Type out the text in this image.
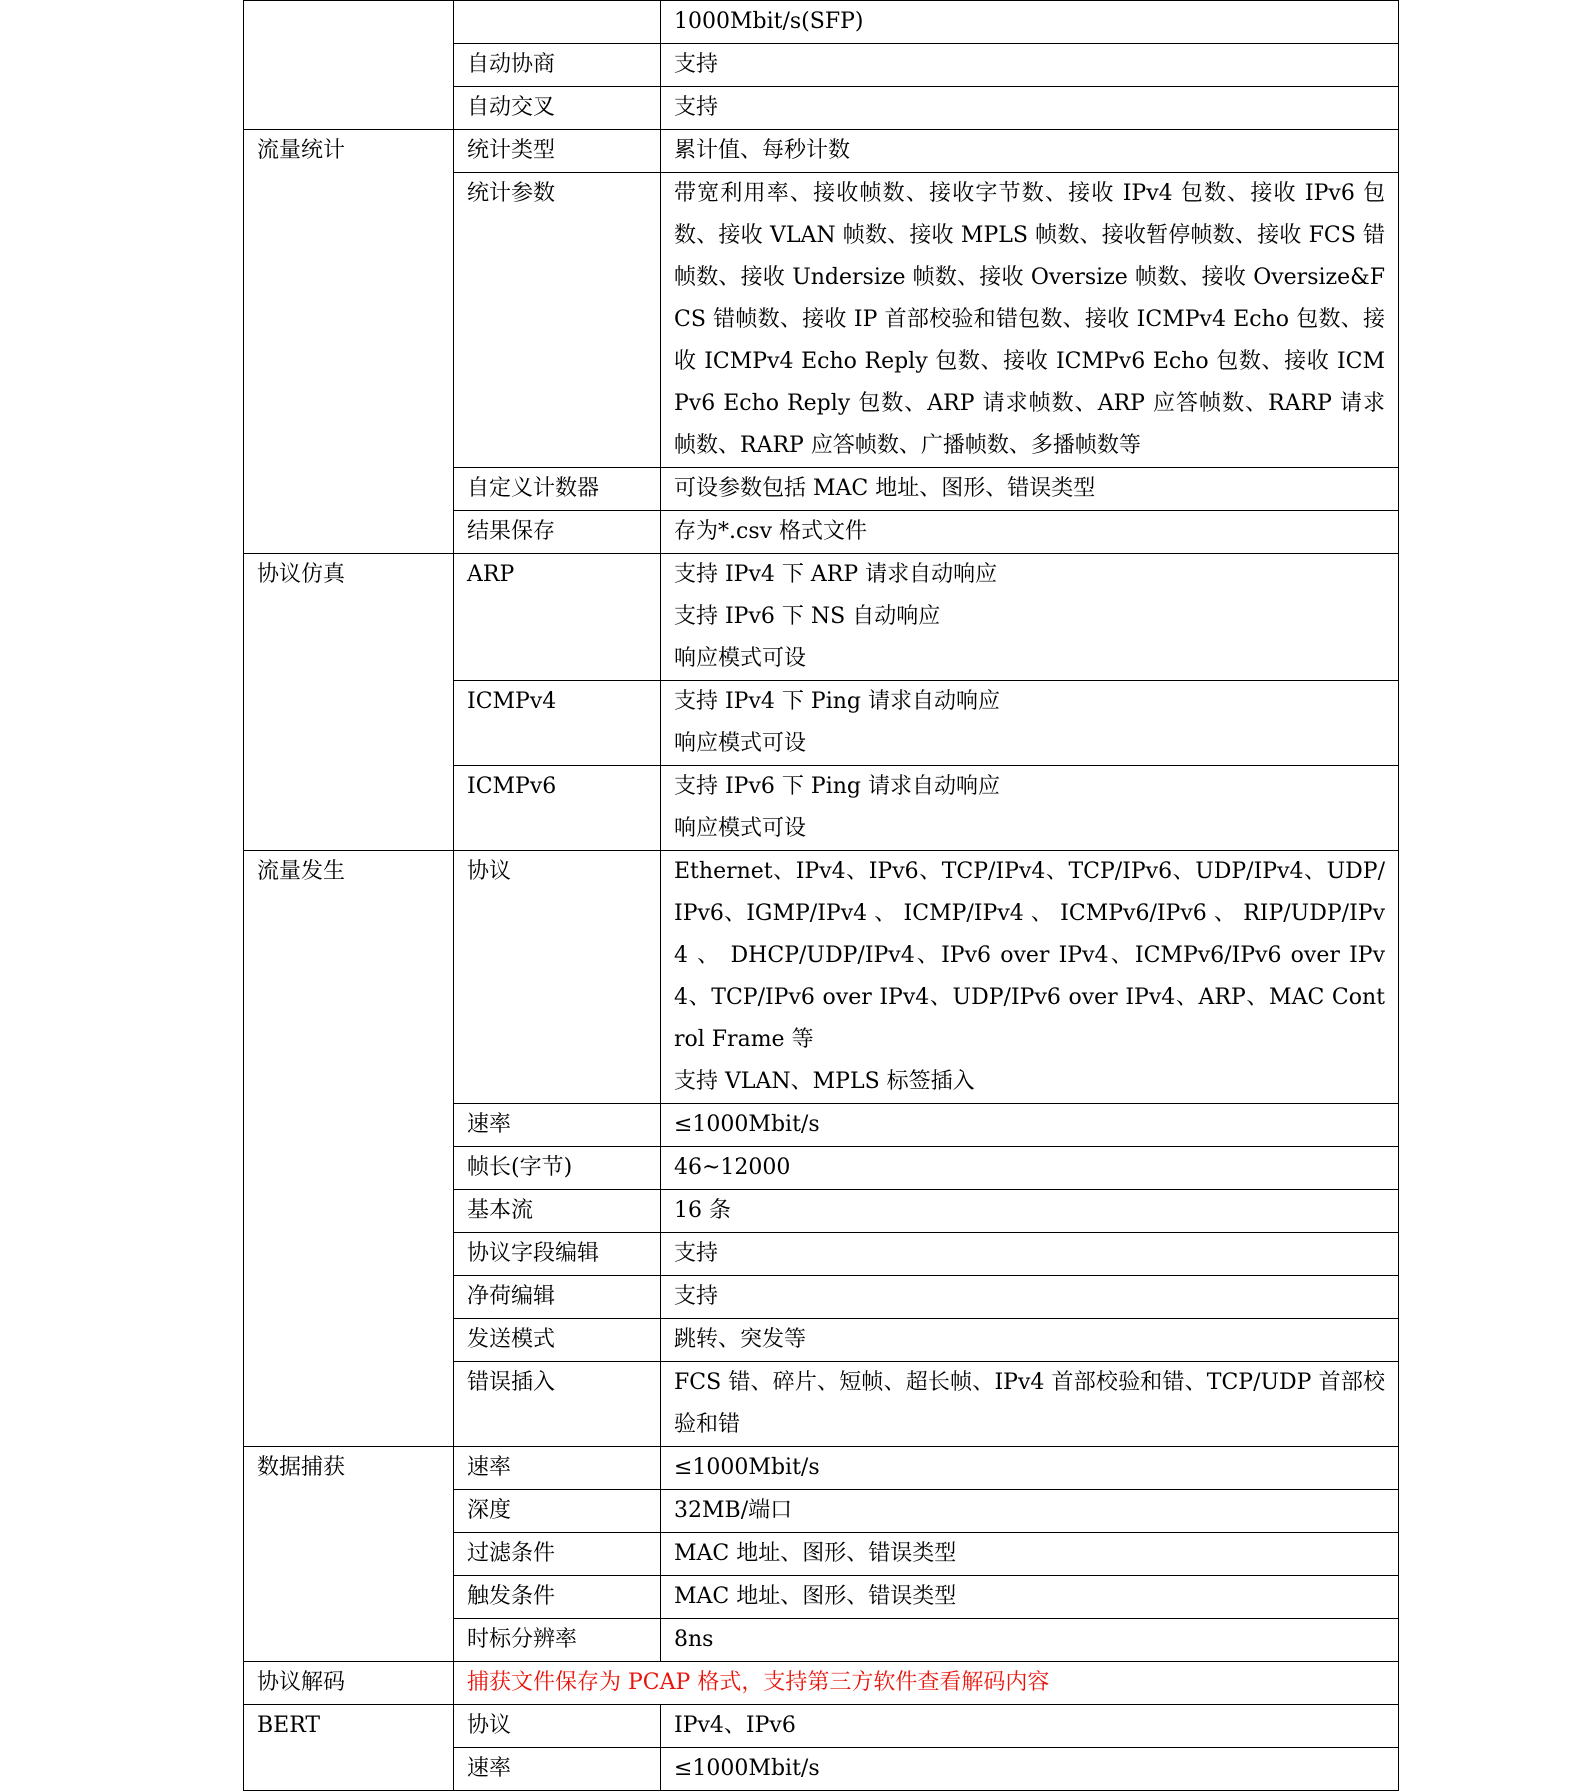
		1000Mbit/s(SFP)
	自动协商	支持
	自动交叉	支持
流量统计	统计类型	累计值、每秒计数
	统计参数	带宽利用率、接收帧数、接收字节数、接收 IPv4 包数、接收 IPv6 包数、接收 VLAN 帧数、接收 MPLS 帧数、接收暂停帧数、接收 FCS 错帧数、接收 Undersize 帧数、接收 Oversize 帧数、接收 Oversize&FCS 错帧数、接收 IP 首部校验和错包数、接收 ICMPv4 Echo 包数、接收 ICMPv4 Echo Reply 包数、接收 ICMPv6 Echo 包数、接收 ICMPv6 Echo Reply 包数、ARP 请求帧数、ARP 应答帧数、RARP 请求帧数、RARP 应答帧数、广播帧数、多播帧数等
	自定义计数器	可设参数包括 MAC 地址、图形、错误类型
	结果保存	存为*.csv 格式文件
协议仿真	ARP	支持 IPv4 下 ARP 请求自动响应
支持 IPv6 下 NS 自动响应
响应模式可设
	ICMPv4	支持 IPv4 下 Ping 请求自动响应
响应模式可设
	ICMPv6	支持 IPv6 下 Ping 请求自动响应
响应模式可设
流量发生	协议	Ethernet、IPv4、IPv6、TCP/IPv4、TCP/IPv6、UDP/IPv4、UDP/IPv6、IGMP/IPv4 、 ICMP/IPv4 、 ICMPv6/IPv6 、 RIP/UDP/IPv4 、 DHCP/UDP/IPv4、IPv6 over IPv4、ICMPv6/IPv6 over IPv4、TCP/IPv6 over IPv4、UDP/IPv6 over IPv4、ARP、MAC Control Frame 等
支持 VLAN、MPLS 标签插入
	速率	≤1000Mbit/s
	帧长(字节)	46~12000
	基本流	16 条
	协议字段编辑	支持
	净荷编辑	支持
	发送模式	跳转、突发等
	错误插入	FCS 错、碎片、短帧、超长帧、IPv4 首部校验和错、TCP/UDP 首部校验和错
数据捕获	速率	≤1000Mbit/s
	深度	32MB/端口
	过滤条件	MAC 地址、图形、错误类型
	触发条件	MAC 地址、图形、错误类型
	时标分辨率	8ns
协议解码	捕获文件保存为 PCAP 格式，支持第三方软件查看解码内容	
BERT	协议	IPv4、IPv6
	速率	≤1000Mbit/s
